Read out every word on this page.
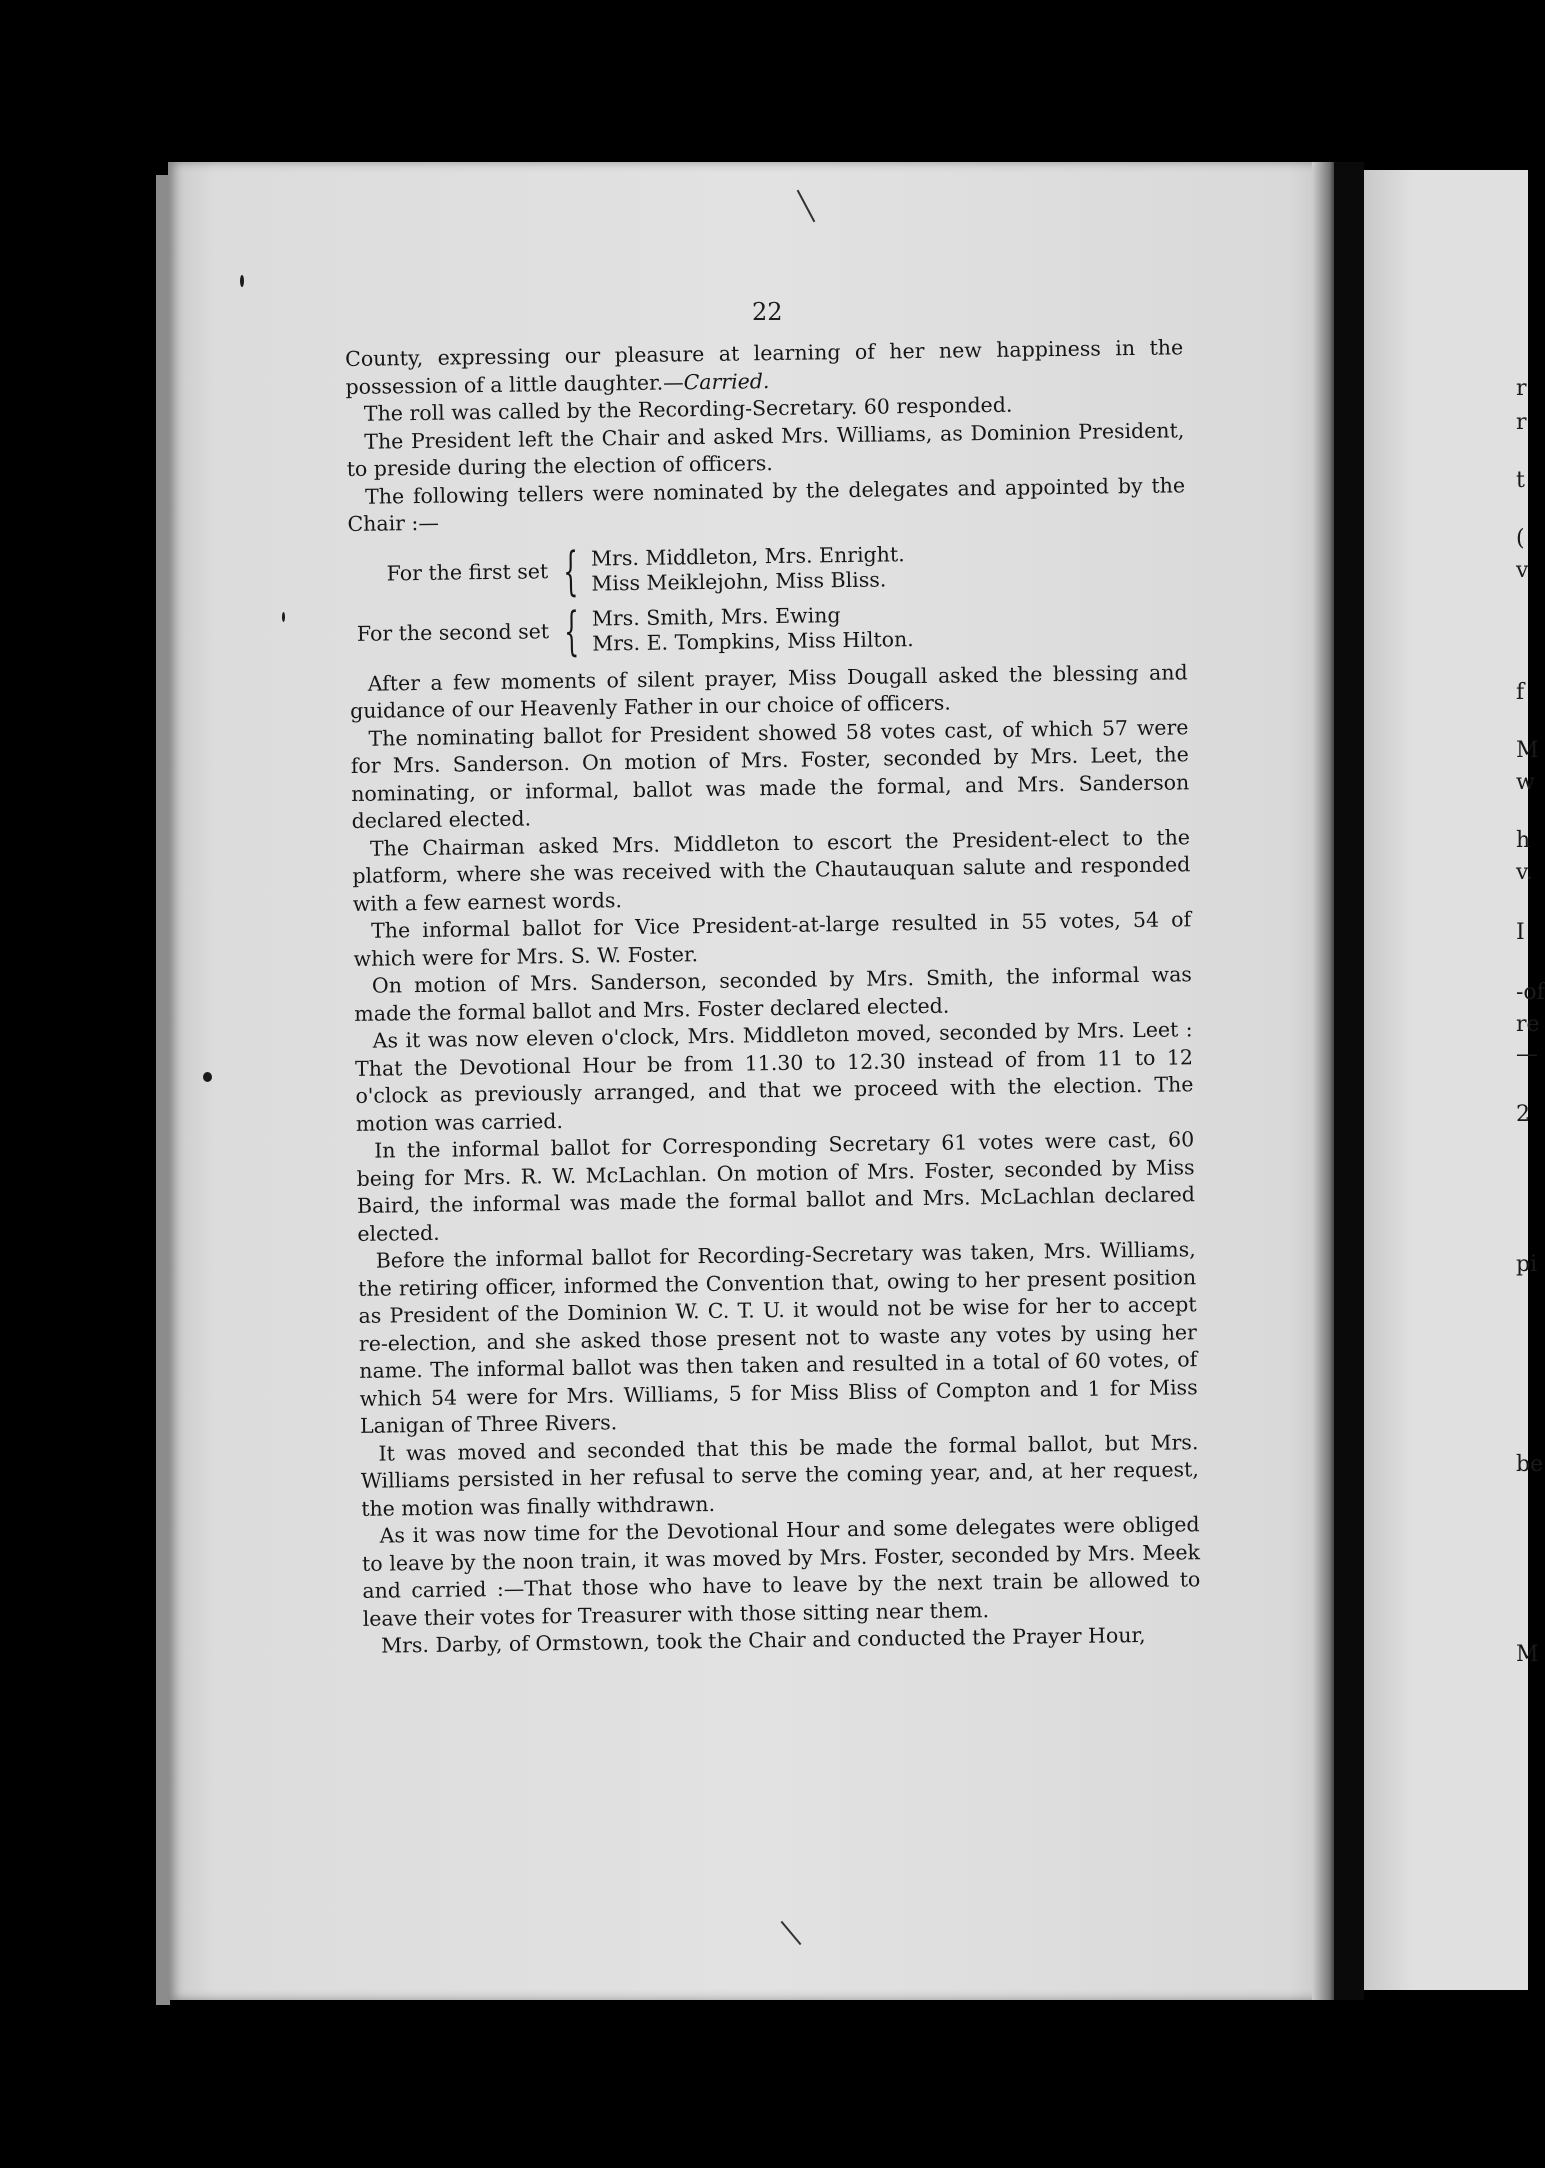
r
r
t
(
v
f
M
w
h
v.
I
-of
re
—
2
pi
be
M
22

County, expressing our pleasure at learning of her new happiness in the possession of a little daughter.—Carried.

The roll was called by the Recording-Secretary. 60 responded.

The President left the Chair and asked Mrs. Williams, as Dominion President, to preside during the election of officers.

The following tellers were nominated by the delegates and appointed by the Chair :—

For the first set { Mrs. Middleton, Mrs. Enright.
Miss Meiklejohn, Miss Bliss.
For the second set { Mrs. Smith, Mrs. Ewing
Mrs. E. Tompkins, Miss Hilton.

After a few moments of silent prayer, Miss Dougall asked the blessing and guidance of our Heavenly Father in our choice of officers.

The nominating ballot for President showed 58 votes cast, of which 57 were for Mrs. Sanderson. On motion of Mrs. Foster, seconded by Mrs. Leet, the nominating, or informal, ballot was made the formal, and Mrs. Sanderson declared elected.

The Chairman asked Mrs. Middleton to escort the President-elect to the platform, where she was received with the Chautauquan salute and responded with a few earnest words.

The informal ballot for Vice President-at-large resulted in 55 votes, 54 of which were for Mrs. S. W. Foster.

On motion of Mrs. Sanderson, seconded by Mrs. Smith, the informal was made the formal ballot and Mrs. Foster declared elected.

As it was now eleven o'clock, Mrs. Middleton moved, seconded by Mrs. Leet : That the Devotional Hour be from 11.30 to 12.30 instead of from 11 to 12 o'clock as previously arranged, and that we proceed with the election. The motion was carried.

In the informal ballot for Corresponding Secretary 61 votes were cast, 60 being for Mrs. R. W. McLachlan. On motion of Mrs. Foster, seconded by Miss Baird, the informal was made the formal ballot and Mrs. McLachlan declared elected.

Before the informal ballot for Recording-Secretary was taken, Mrs. Williams, the retiring officer, informed the Convention that, owing to her present position as President of the Dominion W. C. T. U. it would not be wise for her to accept re-election, and she asked those present not to waste any votes by using her name. The informal ballot was then taken and resulted in a total of 60 votes, of which 54 were for Mrs. Williams, 5 for Miss Bliss of Compton and 1 for Miss Lanigan of Three Rivers.

It was moved and seconded that this be made the formal ballot, but Mrs. Williams persisted in her refusal to serve the coming year, and, at her request, the motion was finally withdrawn.

As it was now time for the Devotional Hour and some delegates were obliged to leave by the noon train, it was moved by Mrs. Foster, seconded by Mrs. Meek and carried :—That those who have to leave by the next train be allowed to leave their votes for Treasurer with those sitting near them.

Mrs. Darby, of Ormstown, took the Chair and conducted the Prayer Hour,
